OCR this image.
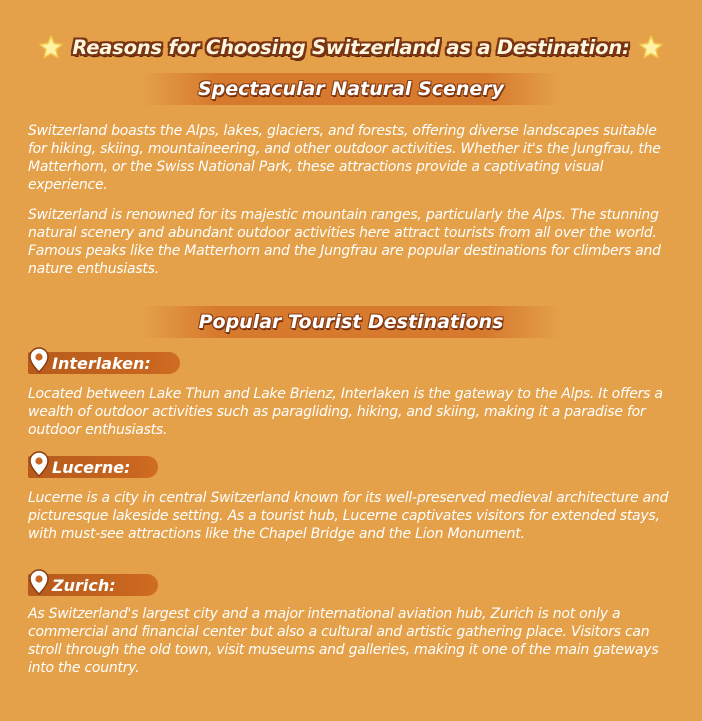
Reasons for Choosing Switzerland as a Destination:
Spectacular Natural Scenery

Switzerland boasts the Alps, lakes, glaciers, and forests, offering diverse landscapes suitable for hiking, skiing, mountaineering, and other outdoor activities. Whether it's the Jungfrau, the Matterhorn, or the Swiss National Park, these attractions provide a captivating visual experience.

Switzerland is renowned for its majestic mountain ranges, particularly the Alps. The stunning natural scenery and abundant outdoor activities here attract tourists from all over the world. Famous peaks like the Matterhorn and the Jungfrau are popular destinations for climbers and nature enthusiasts.

Popular Tourist Destinations
Interlaken:

Located between Lake Thun and Lake Brienz, Interlaken is the gateway to the Alps. It offers a wealth of outdoor activities such as paragliding, hiking, and skiing, making it a paradise for outdoor enthusiasts.

Lucerne:

Lucerne is a city in central Switzerland known for its well-preserved medieval architecture and picturesque lakeside setting. As a tourist hub, Lucerne captivates visitors for extended stays, with must-see attractions like the Chapel Bridge and the Lion Monument.

Zurich:

As Switzerland's largest city and a major international aviation hub, Zurich is not only a commercial and financial center but also a cultural and artistic gathering place. Visitors can stroll through the old town, visit museums and galleries, making it one of the main gateways into the country.
